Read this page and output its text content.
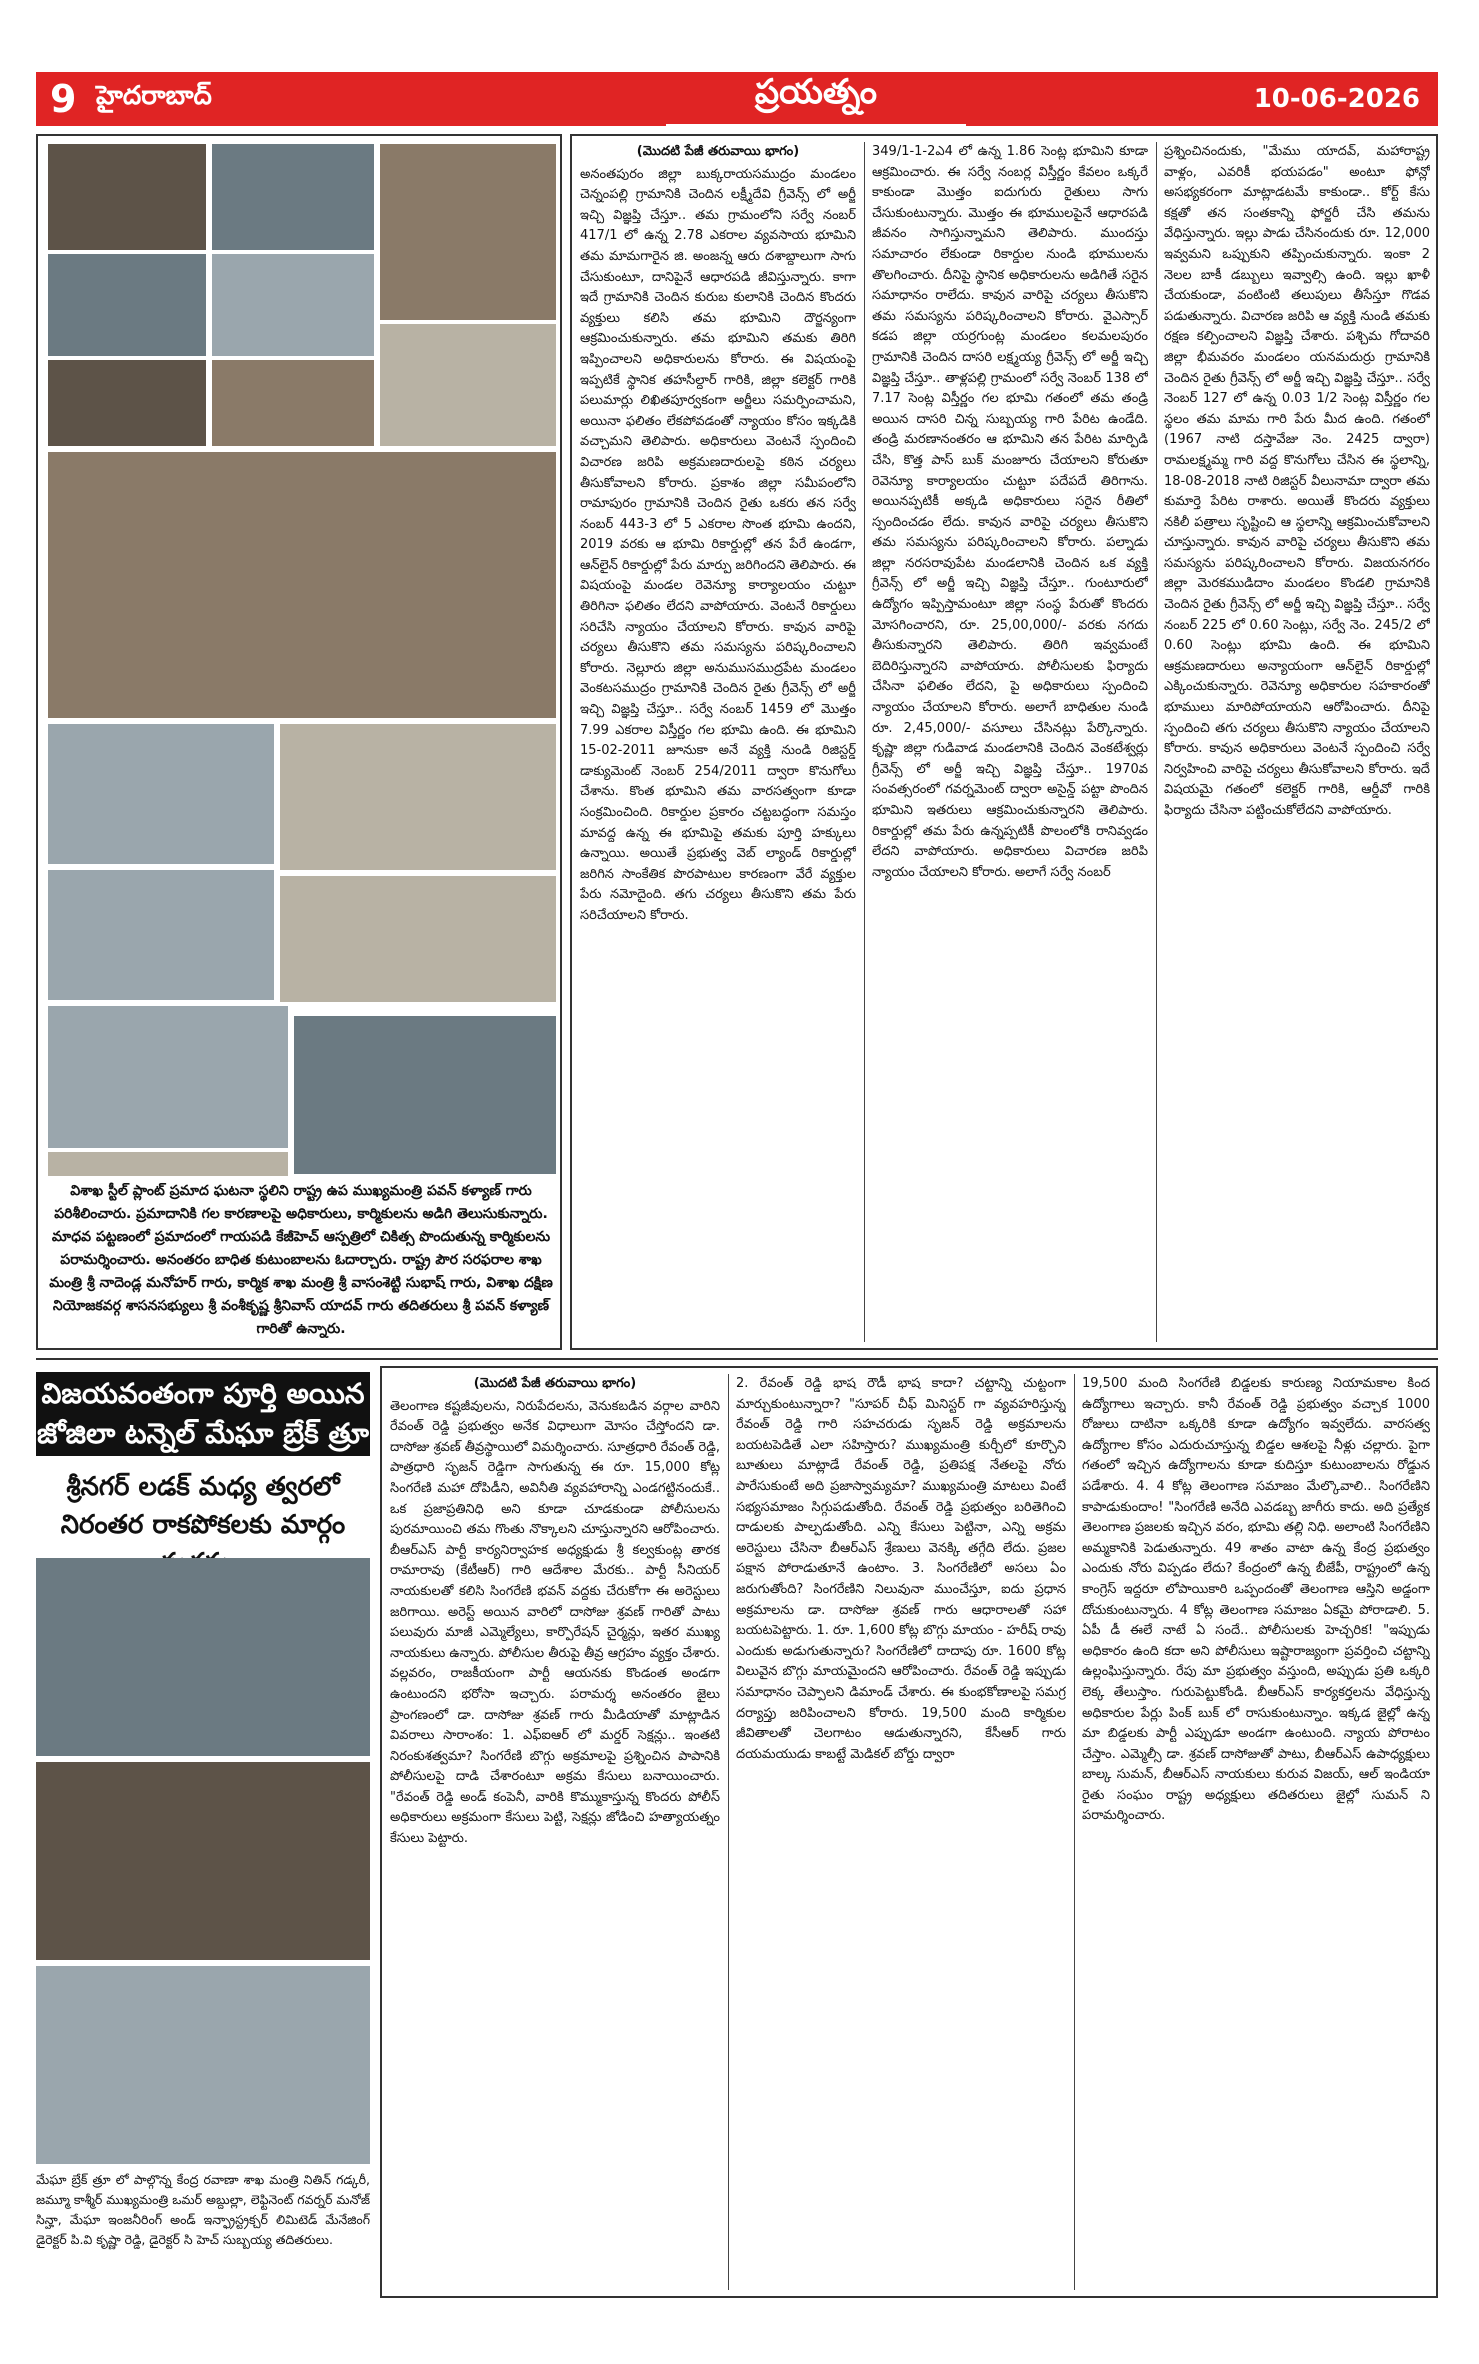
9 హైదరాబాద్	ప్రయత్నం	10-06-2026
విశాఖ స్టీల్ ప్లాంట్ ప్రమాద ఘటనా స్థలిని రాష్ట్ర ఉప ముఖ్యమంత్రి పవన్ కళ్యాణ్ గారు పరిశీలించారు. ప్రమాదానికి గల కారణాలపై అధికారులు, కార్మికులను అడిగి తెలుసుకున్నారు. మాధవ పట్టణంలో ప్రమాదంలో గాయపడి కేజీహెచ్ ఆస్పత్రిలో చికిత్స పొందుతున్న కార్మికులను పరామర్శించారు. అనంతరం బాధిత కుటుంబాలను ఓదార్చారు. రాష్ట్ర పౌర సరఫరాల శాఖ మంత్రి శ్రీ నాదెండ్ల మనోహర్ గారు, కార్మిక శాఖ మంత్రి శ్రీ వాసంశెట్టి సుభాష్ గారు, విశాఖ దక్షిణ నియోజకవర్గ శాసనసభ్యులు శ్రీ వంశీకృష్ణ శ్రీనివాస్ యాదవ్ గారు తదితరులు శ్రీ పవన్ కళ్యాణ్ గారితో ఉన్నారు.
(మొదటి పేజీ తరువాయి భాగం)
అనంతపురం జిల్లా బుక్కరాయసముద్రం మండలం చెన్నంపల్లి గ్రామానికి చెందిన లక్ష్మీదేవి గ్రీవెన్స్ లో అర్జీ ఇచ్చి విజ్ఞప్తి చేస్తూ.. తమ గ్రామంలోని సర్వే నంబర్ 417/1 లో ఉన్న 2.78 ఎకరాల వ్యవసాయ భూమిని తమ మామగారైన జి. అంజన్న ఆరు దశాబ్దాలుగా సాగు చేసుకుంటూ, దానిపైనే ఆధారపడి జీవిస్తున్నారు. కాగా ఇదే గ్రామానికి చెందిన కురుబ కులానికి చెందిన కొందరు వ్యక్తులు కలిసి తమ భూమిని దౌర్జన్యంగా ఆక్రమించుకున్నారు. తమ భూమిని తమకు తిరిగి ఇప్పించాలని అధికారులను కోరారు. ఈ విషయంపై ఇప్పటికే స్థానిక తహసీల్దార్ గారికి, జిల్లా కలెక్టర్ గారికి పలుమార్లు లిఖితపూర్వకంగా అర్జీలు సమర్పించామని, అయినా ఫలితం లేకపోవడంతో న్యాయం కోసం ఇక్కడికి వచ్చామని తెలిపారు. అధికారులు వెంటనే స్పందించి విచారణ జరిపి అక్రమణదారులపై కఠిన చర్యలు తీసుకోవాలని కోరారు. ప్రకాశం జిల్లా సమీపంలోని రామాపురం గ్రామానికి చెందిన రైతు ఒకరు తన సర్వే నంబర్ 443-3 లో 5 ఎకరాల సొంత భూమి ఉందని, 2019 వరకు ఆ భూమి రికార్డుల్లో తన పేరే ఉండగా, ఆన్‌లైన్ రికార్డుల్లో పేరు మార్పు జరిగిందని తెలిపారు. ఈ విషయంపై మండల రెవెన్యూ కార్యాలయం చుట్టూ తిరిగినా ఫలితం లేదని వాపోయారు. వెంటనే రికార్డులు సరిచేసి న్యాయం చేయాలని కోరారు. కావున వారిపై చర్యలు తీసుకొని తమ సమస్యను పరిష్కరించాలని కోరారు. నెల్లూరు జిల్లా అనుముసముద్రపేట మండలం వెంకటసముద్రం గ్రామానికి చెందిన రైతు గ్రీవెన్స్ లో అర్జీ ఇచ్చి విజ్ఞప్తి చేస్తూ.. సర్వే నంబర్ 1459 లో మొత్తం 7.99 ఎకరాల విస్తీర్ణం గల భూమి ఉంది. ఈ భూమిని 15-02-2011 జూనుకా అనే వ్యక్తి నుండి రిజిస్టర్డ్ డాక్యుమెంట్ నెంబర్ 254/2011 ద్వారా కొనుగోలు చేశాను. కొంత భూమిని తమ వారసత్వంగా కూడా సంక్రమించింది. రికార్డుల ప్రకారం చట్టబద్ధంగా సమస్తం మావద్ద ఉన్న ఈ భూమిపై తమకు పూర్తి హక్కులు ఉన్నాయి. అయితే ప్రభుత్వ వెబ్ ల్యాండ్ రికార్డుల్లో జరిగిన సాంకేతిక పొరపాటుల కారణంగా వేరే వ్యక్తుల పేరు నమోదైంది. తగు చర్యలు తీసుకొని తమ పేరు సరిచేయాలని కోరారు.
349/1-1-2ఎ4 లో ఉన్న 1.86 సెంట్ల భూమిని కూడా ఆక్రమించారు. ఈ సర్వే నంబర్ల విస్తీర్ణం కేవలం ఒక్కరే కాకుండా మొత్తం ఐదుగురు రైతులు సాగు చేసుకుంటున్నారు. మొత్తం ఈ భూములపైనే ఆధారపడి జీవనం సాగిస్తున్నామని తెలిపారు. ముందస్తు సమాచారం లేకుండా రికార్డుల నుండి భూములను తొలగించారు. దీనిపై స్థానిక అధికారులను అడిగితే సరైన సమాధానం రాలేదు. కావున వారిపై చర్యలు తీసుకొని తమ సమస్యను పరిష్కరించాలని కోరారు. వైఎస్సార్ కడప జిల్లా యర్రగుంట్ల మండలం కలమలపురం గ్రామానికి చెందిన దాసరి లక్ష్మయ్య గ్రీవెన్స్ లో అర్జీ ఇచ్చి విజ్ఞప్తి చేస్తూ.. తాళ్లపల్లి గ్రామంలో సర్వే నెంబర్ 138 లో 7.17 సెంట్ల విస్తీర్ణం గల భూమి గతంలో తమ తండ్రి అయిన దాసరి చిన్న సుబ్బయ్య గారి పేరిట ఉండేది. తండ్రి మరణానంతరం ఆ భూమిని తన పేరిట మార్పిడి చేసి, కొత్త పాస్ బుక్ మంజూరు చేయాలని కోరుతూ రెవెన్యూ కార్యాలయం చుట్టూ పదేపదే తిరిగాను. అయినప్పటికీ అక్కడి అధికారులు సరైన రీతిలో స్పందించడం లేదు. కావున వారిపై చర్యలు తీసుకొని తమ సమస్యను పరిష్కరించాలని కోరారు. పల్నాడు జిల్లా నరసరావుపేట మండలానికి చెందిన ఒక వ్యక్తి గ్రీవెన్స్ లో అర్జీ ఇచ్చి విజ్ఞప్తి చేస్తూ.. గుంటూరులో ఉద్యోగం ఇప్పిస్తామంటూ జిల్లా సంస్థ పేరుతో కొందరు మోసగించారని, రూ. 25,00,000/- వరకు నగదు తీసుకున్నారని తెలిపారు. తిరిగి ఇవ్వమంటే బెదిరిస్తున్నారని వాపోయారు. పోలీసులకు ఫిర్యాదు చేసినా ఫలితం లేదని, పై అధికారులు స్పందించి న్యాయం చేయాలని కోరారు. అలాగే బాధితుల నుండి రూ. 2,45,000/- వసూలు చేసినట్లు పేర్కొన్నారు. కృష్ణా జిల్లా గుడివాడ మండలానికి చెందిన వెంకటేశ్వర్లు గ్రీవెన్స్ లో అర్జీ ఇచ్చి విజ్ఞప్తి చేస్తూ.. 1970వ సంవత్సరంలో గవర్నమెంట్ ద్వారా అసైన్డ్ పట్టా పొందిన భూమిని ఇతరులు ఆక్రమించుకున్నారని తెలిపారు. రికార్డుల్లో తమ పేరు ఉన్నప్పటికీ పొలంలోకి రానివ్వడం లేదని వాపోయారు. అధికారులు విచారణ జరిపి న్యాయం చేయాలని కోరారు. అలాగే సర్వే నంబర్
ప్రశ్నించినందుకు, "మేము యాదవ్, మహారాష్ట్ర వాళ్లం, ఎవరికీ భయపడం" అంటూ ఫోన్లో అసభ్యకరంగా మాట్లాడటమే కాకుండా.. కోర్ట్ కేసు కక్షతో తన సంతకాన్ని ఫోర్జరీ చేసి తమను వేధిస్తున్నారు. ఇల్లు పాడు చేసినందుకు రూ. 12,000 ఇవ్వమని ఒప్పుకుని తప్పించుకున్నారు. ఇంకా 2 నెలల బాకీ డబ్బులు ఇవ్వాల్సి ఉంది. ఇల్లు ఖాళీ చేయకుండా, వంటింటి తలుపులు తీసేస్తూ గొడవ పడుతున్నారు. విచారణ జరిపి ఆ వ్యక్తి నుండి తమకు రక్షణ కల్పించాలని విజ్ఞప్తి చేశారు. పశ్చిమ గోదావరి జిల్లా భీమవరం మండలం యనమదుర్రు గ్రామానికి చెందిన రైతు గ్రీవెన్స్ లో అర్జీ ఇచ్చి విజ్ఞప్తి చేస్తూ.. సర్వే నెంబర్ 127 లో ఉన్న 0.03 1/2 సెంట్ల విస్తీర్ణం గల స్థలం తమ మామ గారి పేరు మీద ఉంది. గతంలో (1967 నాటి దస్తావేజు నెం. 2425 ద్వారా) రామలక్ష్మమ్మ గారి వద్ద కొనుగోలు చేసిన ఈ స్థలాన్ని, 18-08-2018 నాటి రిజిస్టర్ వీలునామా ద్వారా తమ కుమార్తె పేరిట రాశారు. అయితే కొందరు వ్యక్తులు నకిలీ పత్రాలు సృష్టించి ఆ స్థలాన్ని ఆక్రమించుకోవాలని చూస్తున్నారు. కావున వారిపై చర్యలు తీసుకొని తమ సమస్యను పరిష్కరించాలని కోరారు. విజయనగరం జిల్లా మెరకముడిదాం మండలం కొండలి గ్రామానికి చెందిన రైతు గ్రీవెన్స్ లో అర్జీ ఇచ్చి విజ్ఞప్తి చేస్తూ.. సర్వే నంబర్ 225 లో 0.60 సెంట్లు, సర్వే నెం. 245/2 లో 0.60 సెంట్లు భూమి ఉంది. ఈ భూమిని ఆక్రమణదారులు అన్యాయంగా ఆన్‌లైన్ రికార్డుల్లో ఎక్కించుకున్నారు. రెవెన్యూ అధికారుల సహకారంతో భూములు మారిపోయాయని ఆరోపించారు. దీనిపై స్పందించి తగు చర్యలు తీసుకొని న్యాయం చేయాలని కోరారు. కావున అధికారులు వెంటనే స్పందించి సర్వే నిర్వహించి వారిపై చర్యలు తీసుకోవాలని కోరారు. ఇదే విషయమై గతంలో కలెక్టర్ గారికి, ఆర్డీవో గారికి ఫిర్యాదు చేసినా పట్టించుకోలేదని వాపోయారు.
విజయవంతంగా పూర్తి అయిన జోజిలా టన్నెల్ మేఘా బ్రేక్ త్రూ
శ్రీనగర్ లడక్ మధ్య త్వరలో నిరంతర రాకపోకలకు మార్గం
మేఘా బ్రేక్ త్రూ లో పాల్గొన్న కేంద్ర రవాణా శాఖ మంత్రి నితిన్ గడ్కరీ, జమ్మూ కాశ్మీర్ ముఖ్యమంత్రి ఒమర్ అబ్దుల్లా, లెఫ్టినెంట్ గవర్నర్ మనోజ్ సిన్హా, మేఘా ఇంజనీరింగ్ అండ్ ఇన్ఫ్రాస్ట్రక్చర్ లిమిటెడ్ మేనేజింగ్ డైరెక్టర్ పి.వి కృష్ణా రెడ్డి, డైరెక్టర్ సి హెచ్ సుబ్బయ్య తదితరులు.
(మొదటి పేజీ తరువాయి భాగం)
తెలంగాణ కష్టజీవులను, నిరుపేదలను, వెనుకబడిన వర్గాల వారిని రేవంత్ రెడ్డి ప్రభుత్వం అనేక విధాలుగా మోసం చేస్తోందని డా. దాసోజు శ్రవణ్ తీవ్రస్థాయిలో విమర్శించారు. సూత్రధారి రేవంత్ రెడ్డి, పాత్రధారి సృజన్ రెడ్డిగా సాగుతున్న ఈ రూ. 15,000 కోట్ల సింగరేణి మహా దోపిడీని, అవినీతి వ్యవహారాన్ని ఎండగట్టినందుకే.. ఒక ప్రజాప్రతినిధి అని కూడా చూడకుండా పోలీసులను పురమాయించి తమ గొంతు నొక్కాలని చూస్తున్నారని ఆరోపించారు. బీఆర్ఎస్ పార్టీ కార్యనిర్వాహక అధ్యక్షుడు శ్రీ కల్వకుంట్ల తారక రామారావు (కేటీఆర్) గారి ఆదేశాల మేరకు.. పార్టీ సీనియర్ నాయకులతో కలిసి సింగరేణి భవన్ వద్దకు చేరుకోగా ఈ అరెస్టులు జరిగాయి. అరెస్ట్ అయిన వారిలో దాసోజు శ్రవణ్ గారితో పాటు పలువురు మాజీ ఎమ్మెల్యేలు, కార్పొరేషన్ చైర్మన్లు, ఇతర ముఖ్య నాయకులు ఉన్నారు. పోలీసుల తీరుపై తీవ్ర ఆగ్రహం వ్యక్తం చేశారు. వల్లవరం, రాజకీయంగా పార్టీ ఆయనకు కొండంత అండగా ఉంటుందని భరోసా ఇచ్చారు. పరామర్శ అనంతరం జైలు ప్రాంగణంలో డా. దాసోజు శ్రవణ్ గారు మీడియాతో మాట్లాడిన వివరాలు సారాంశం: 1. ఎఫ్ఐఆర్ లో మర్డర్ సెక్షన్లు.. ఇంతటి నిరంకుశత్వమా? సింగరేణి బొగ్గు అక్రమాలపై ప్రశ్నించిన పాపానికి పోలీసులపై దాడి చేశారంటూ అక్రమ కేసులు బనాయించారు. "రేవంత్ రెడ్డి అండ్ కంపెనీ, వారికి కొమ్ముకాస్తున్న కొందరు పోలీస్ అధికారులు అక్రమంగా కేసులు పెట్టి, సెక్షన్లు జోడించి హత్యాయత్నం కేసులు పెట్టారు.
2. రేవంత్ రెడ్డి భాష రౌడీ భాష కాదా? చట్టాన్ని చుట్టంగా మార్చుకుంటున్నారా? "సూపర్ చీఫ్ మినిస్టర్ గా వ్యవహరిస్తున్న రేవంత్ రెడ్డి గారి సహచరుడు సృజన్ రెడ్డి అక్రమాలను బయటపెడితే ఎలా సహిస్తారు? ముఖ్యమంత్రి కుర్చీలో కూర్చొని బూతులు మాట్లాడే రేవంత్ రెడ్డి, ప్రతిపక్ష నేతలపై నోరు పారేసుకుంటే అది ప్రజాస్వామ్యమా? ముఖ్యమంత్రి మాటలు వింటే సభ్యసమాజం సిగ్గుపడుతోంది. రేవంత్ రెడ్డి ప్రభుత్వం బరితెగించి దాడులకు పాల్పడుతోంది. ఎన్ని కేసులు పెట్టినా, ఎన్ని అక్రమ అరెస్టులు చేసినా బీఆర్ఎస్ శ్రేణులు వెనక్కి తగ్గేది లేదు. ప్రజల పక్షాన పోరాడుతూనే ఉంటాం. 3. సింగరేణిలో అసలు ఏం జరుగుతోంది? సింగరేణిని నిలువునా ముంచేస్తూ, ఐదు ప్రధాన అక్రమాలను డా. దాసోజు శ్రవణ్ గారు ఆధారాలతో సహా బయటపెట్టారు. 1. రూ. 1,600 కోట్ల బొగ్గు మాయం - హరీష్ రావు ఎందుకు అడుగుతున్నారు? సింగరేణిలో దాదాపు రూ. 1600 కోట్ల విలువైన బొగ్గు మాయమైందని ఆరోపించారు. రేవంత్ రెడ్డి ఇప్పుడు సమాధానం చెప్పాలని డిమాండ్ చేశారు. ఈ కుంభకోణాలపై సమగ్ర దర్యాప్తు జరిపించాలని కోరారు. 19,500 మంది కార్మికుల జీవితాలతో చెలగాటం ఆడుతున్నారని, కేసీఆర్ గారు దయమయుడు కాబట్టే మెడికల్ బోర్డు ద్వారా
19,500 మంది సింగరేణి బిడ్డలకు కారుణ్య నియామకాల కింద ఉద్యోగాలు ఇచ్చారు. కానీ రేవంత్ రెడ్డి ప్రభుత్వం వచ్చాక 1000 రోజులు దాటినా ఒక్కరికి కూడా ఉద్యోగం ఇవ్వలేదు. వారసత్వ ఉద్యోగాల కోసం ఎదురుచూస్తున్న బిడ్డల ఆశలపై నీళ్లు చల్లారు. పైగా గతంలో ఇచ్చిన ఉద్యోగాలను కూడా కుదిస్తూ కుటుంబాలను రోడ్డున పడేశారు. 4. 4 కోట్ల తెలంగాణ సమాజం మేల్కొవాలి.. సింగరేణిని కాపాడుకుందాం! "సింగరేణి అనేది ఎవడబ్బ జాగీరు కాదు. అది ప్రత్యేక తెలంగాణ ప్రజలకు ఇచ్చిన వరం, భూమి తల్లి నిధి. అలాంటి సింగరేణిని అమ్మకానికి పెడుతున్నారు. 49 శాతం వాటా ఉన్న కేంద్ర ప్రభుత్వం ఎందుకు నోరు విప్పడం లేదు? కేంద్రంలో ఉన్న బీజేపీ, రాష్ట్రంలో ఉన్న కాంగ్రెస్ ఇద్దరూ లోపాయికారి ఒప్పందంతో తెలంగాణ ఆస్తిని అడ్డంగా దోచుకుంటున్నారు. 4 కోట్ల తెలంగాణ సమాజం ఏకమై పోరాడాలి. 5. ఏపీ డీ ఈలే నాటే ఏ సందే.. పోలీసులకు హెచ్చరిక! "ఇప్పుడు అధికారం ఉంది కదా అని పోలీసులు ఇష్టారాజ్యంగా ప్రవర్తించి చట్టాన్ని ఉల్లంఘిస్తున్నారు. రేపు మా ప్రభుత్వం వస్తుంది, అప్పుడు ప్రతి ఒక్కరి లెక్క తేలుస్తాం. గురుపెట్టుకోండి. బీఆర్ఎస్ కార్యకర్తలను వేధిస్తున్న అధికారుల పేర్లు పింక్ బుక్ లో రాసుకుంటున్నాం. ఇక్కడ జైల్లో ఉన్న మా బిడ్డలకు పార్టీ ఎప్పుడూ అండగా ఉంటుంది. న్యాయ పోరాటం చేస్తాం. ఎమ్మెల్సీ డా. శ్రవణ్ దాసోజుతో పాటు, బీఆర్ఎస్ ఉపాధ్యక్షులు బాల్క సుమన్, బీఆర్ఎస్ నాయకులు కురువ విజయ్, ఆల్ ఇండియా రైతు సంఘం రాష్ట్ర అధ్యక్షులు తదితరులు జైల్లో సుమన్ ని పరామర్శించారు.
